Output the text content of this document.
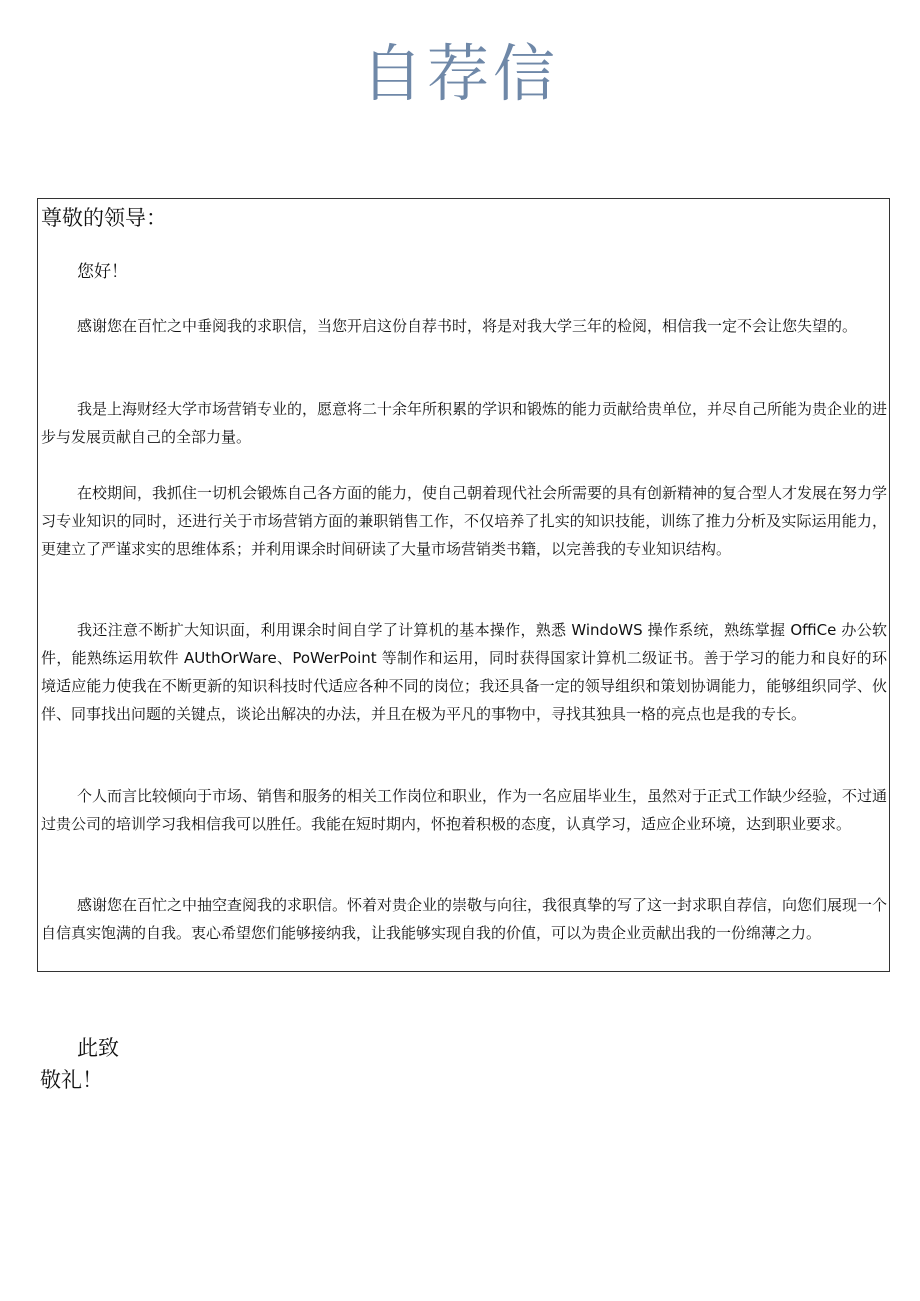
自荐信
尊敬的领导：
您好！

感谢您在百忙之中垂阅我的求职信，当您开启这份自荐书时，将是对我大学三年的检阅，相信我一定不会让您失望的。

我是上海财经大学市场营销专业的，愿意将二十余年所积累的学识和锻炼的能力贡献给贵单位，并尽自己所能为贵企业的进步与发展贡献自己的全部力量。

在校期间，我抓住一切机会锻炼自己各方面的能力，使自己朝着现代社会所需要的具有创新精神的复合型人才发展在努力学习专业知识的同时，还进行关于市场营销方面的兼职销售工作，不仅培养了扎实的知识技能，训练了推力分析及实际运用能力，更建立了严谨求实的思维体系；并利用课余时间研读了大量市场营销类书籍，以完善我的专业知识结构。

我还注意不断扩大知识面，利用课余时间自学了计算机的基本操作，熟悉 WindoWS 操作系统，熟练掌握 OffiCe 办公软件，能熟练运用软件 AUthOrWare、PoWerPoint 等制作和运用，同时获得国家计算机二级证书。善于学习的能力和良好的环境适应能力使我在不断更新的知识科技时代适应各种不同的岗位；我还具备一定的领导组织和策划协调能力，能够组织同学、伙伴、同事找出问题的关键点，谈论出解决的办法，并且在极为平凡的事物中，寻找其独具一格的亮点也是我的专长。

个人而言比较倾向于市场、销售和服务的相关工作岗位和职业，作为一名应届毕业生，虽然对于正式工作缺少经验，不过通过贵公司的培训学习我相信我可以胜任。我能在短时期内，怀抱着积极的态度，认真学习，适应企业环境，达到职业要求。

感谢您在百忙之中抽空查阅我的求职信。怀着对贵企业的崇敬与向往，我很真挚的写了这一封求职自荐信，向您们展现一个自信真实饱满的自我。衷心希望您们能够接纳我，让我能够实现自我的价值，可以为贵企业贡献出我的一份绵薄之力。

此致
敬礼！
